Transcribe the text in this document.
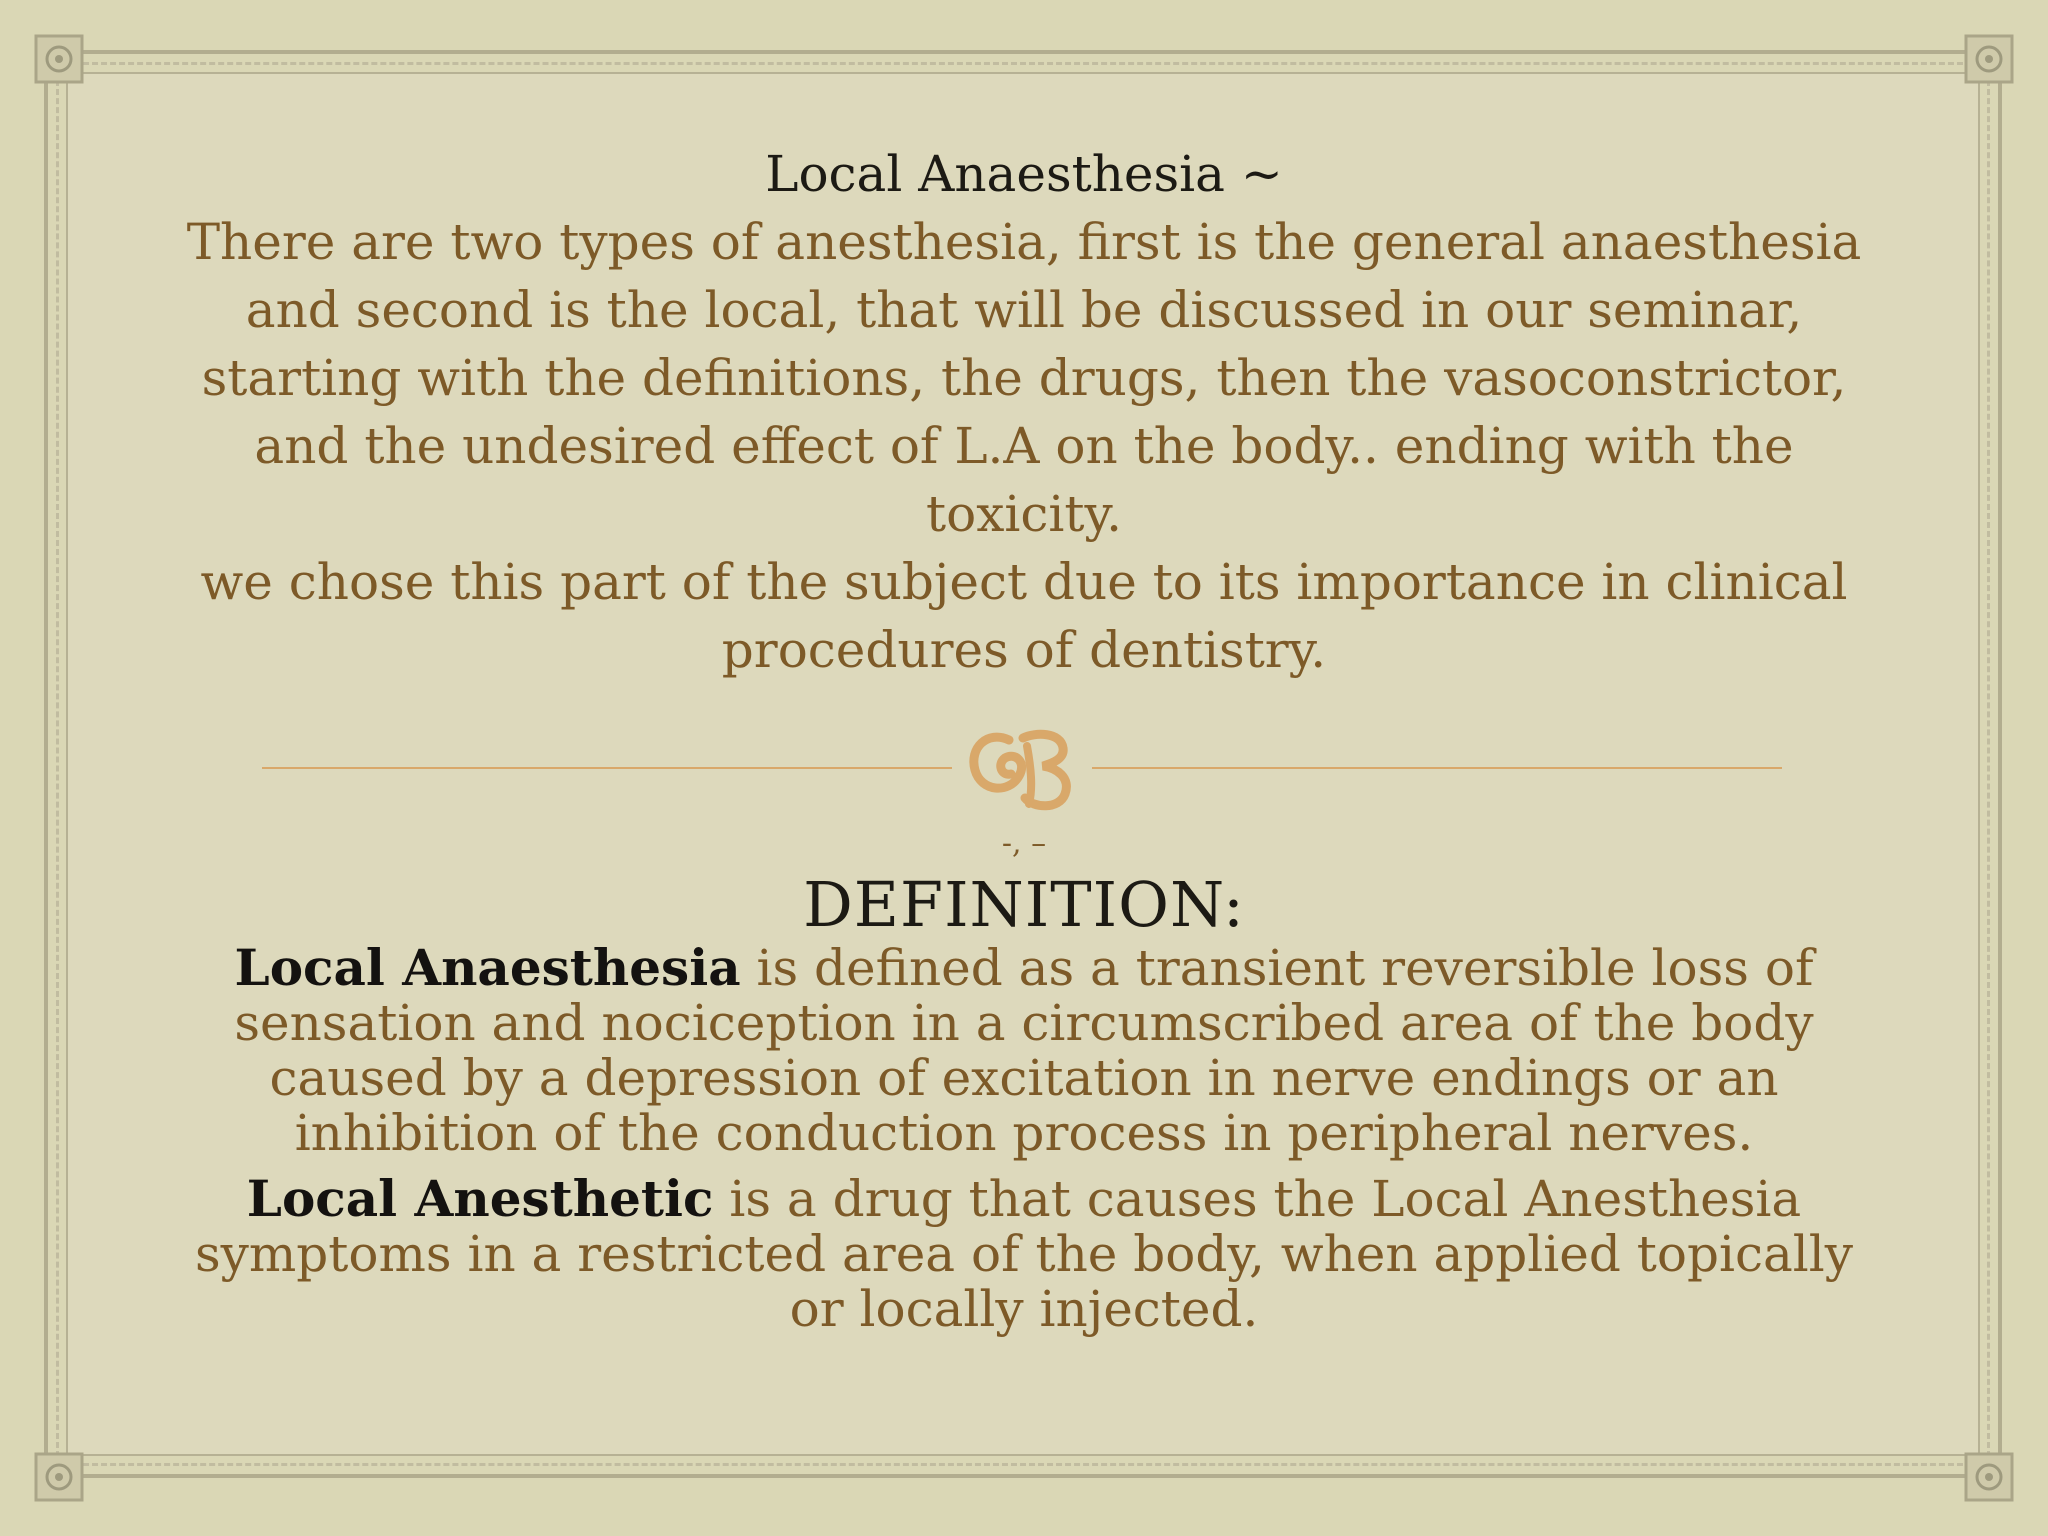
Local Anaesthesia ~

There are two types of anesthesia, first is the general anaesthesia

and second is the local, that will be discussed in our seminar,

starting with the definitions, the drugs, then the vasoconstrictor,

and the undesired effect of L.A on the body.. ending with the

toxicity.

we chose this part of the subject due to its importance in clinical

procedures of dentistry.

-, –

DEFINITION:

Local Anaesthesia is defined as a transient reversible loss of
sensation and nociception in a circumscribed area of the body
caused by a depression of excitation in nerve endings or an
inhibition of the conduction process in peripheral nerves.

Local Anesthetic is a drug that causes the Local Anesthesia
symptoms in a restricted area of the body, when applied topically
or locally injected.
